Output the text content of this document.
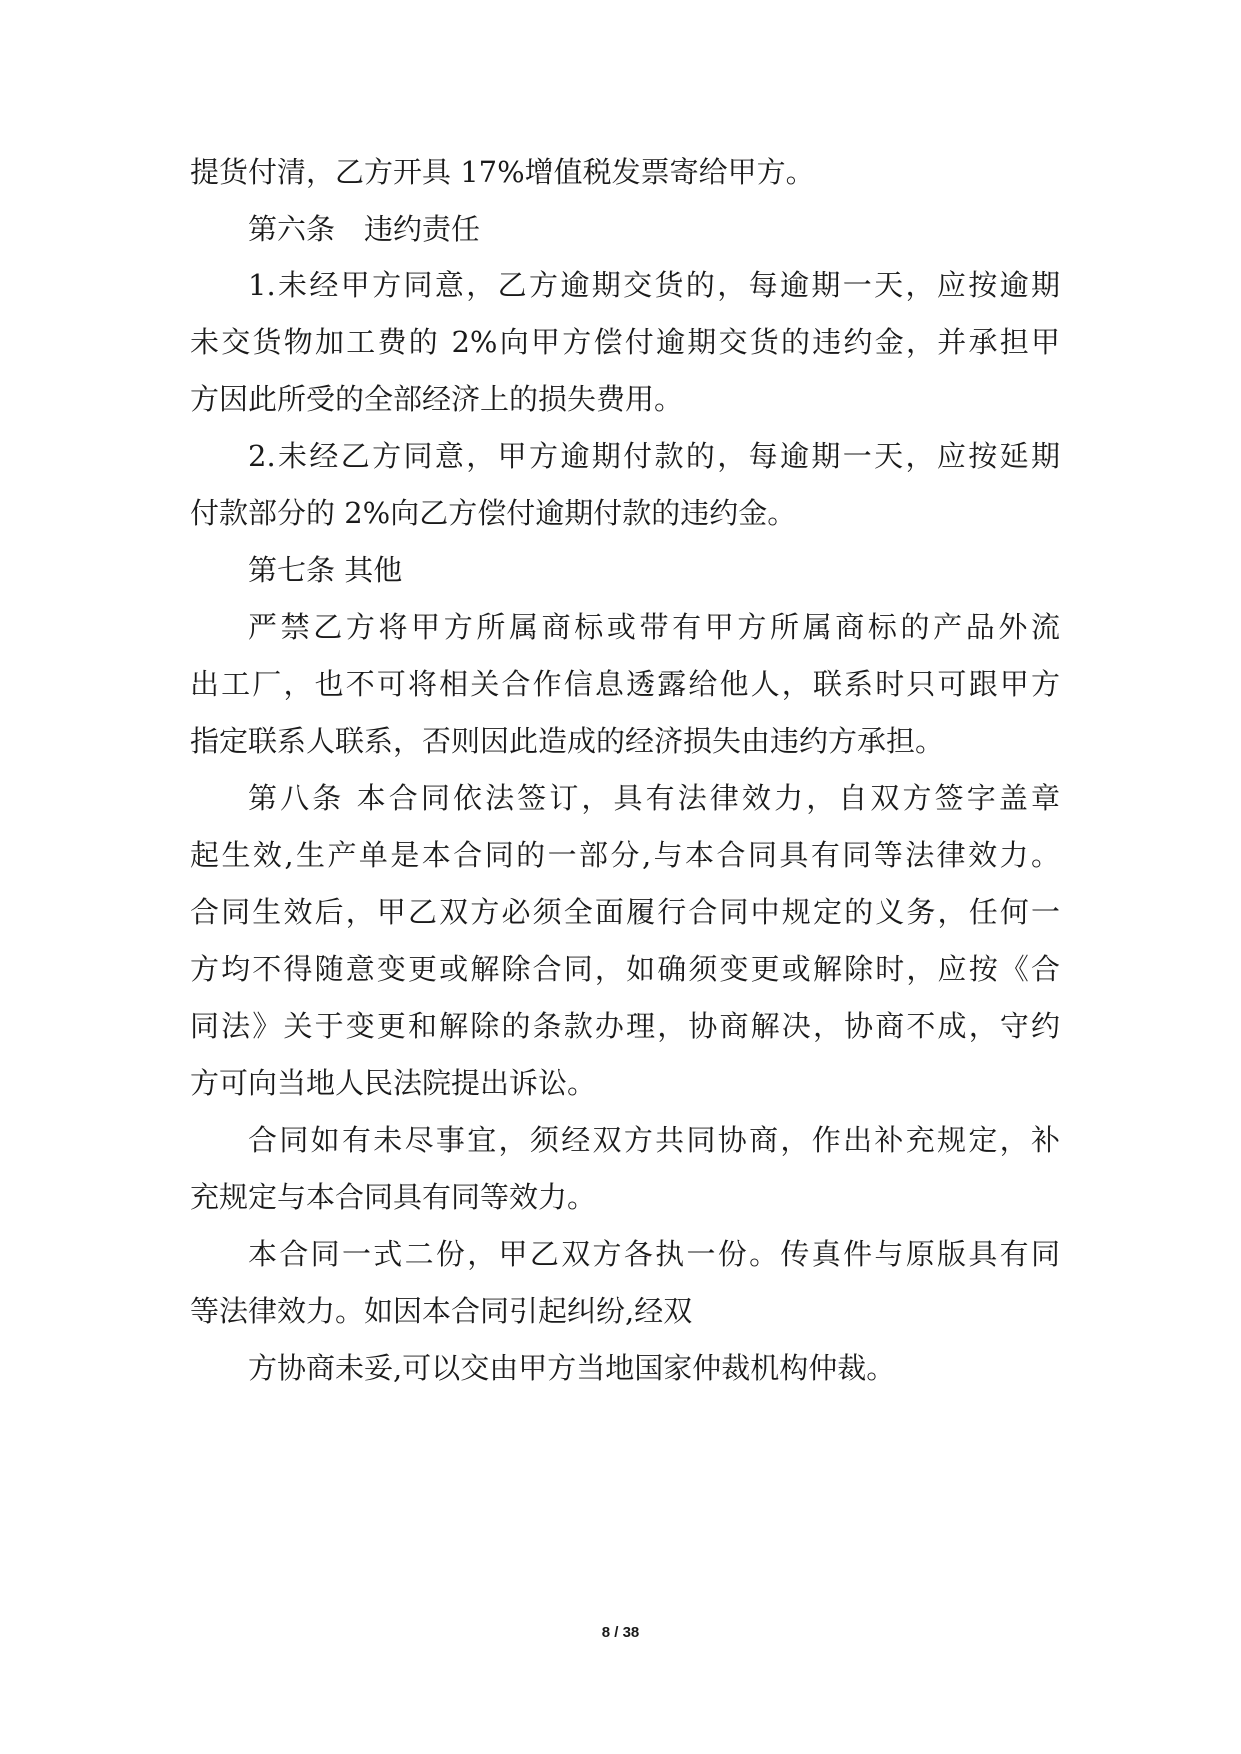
提货付清，乙方开具 17%增值税发票寄给甲方。
第六条　违约责任
1.未经甲方同意，乙方逾期交货的，每逾期一天，应按逾期
未交货物加工费的 2%向甲方偿付逾期交货的违约金，并承担甲
方因此所受的全部经济上的损失费用。
2.未经乙方同意，甲方逾期付款的，每逾期一天，应按延期
付款部分的 2%向乙方偿付逾期付款的违约金。
第七条 其他
严禁乙方将甲方所属商标或带有甲方所属商标的产品外流
出工厂，也不可将相关合作信息透露给他人，联系时只可跟甲方
指定联系人联系，否则因此造成的经济损失由违约方承担。
第八条 本合同依法签订，具有法律效力，自双方签字盖章
起生效,生产单是本合同的一部分,与本合同具有同等法律效力。
合同生效后，甲乙双方必须全面履行合同中规定的义务，任何一
方均不得随意变更或解除合同，如确须变更或解除时，应按《合
同法》关于变更和解除的条款办理，协商解决，协商不成，守约
方可向当地人民法院提出诉讼。
合同如有未尽事宜，须经双方共同协商，作出补充规定，补
充规定与本合同具有同等效力。
本合同一式二份，甲乙双方各执一份。传真件与原版具有同
等法律效力。如因本合同引起纠纷,经双
方协商未妥,可以交由甲方当地国家仲裁机构仲裁。
8 / 38
